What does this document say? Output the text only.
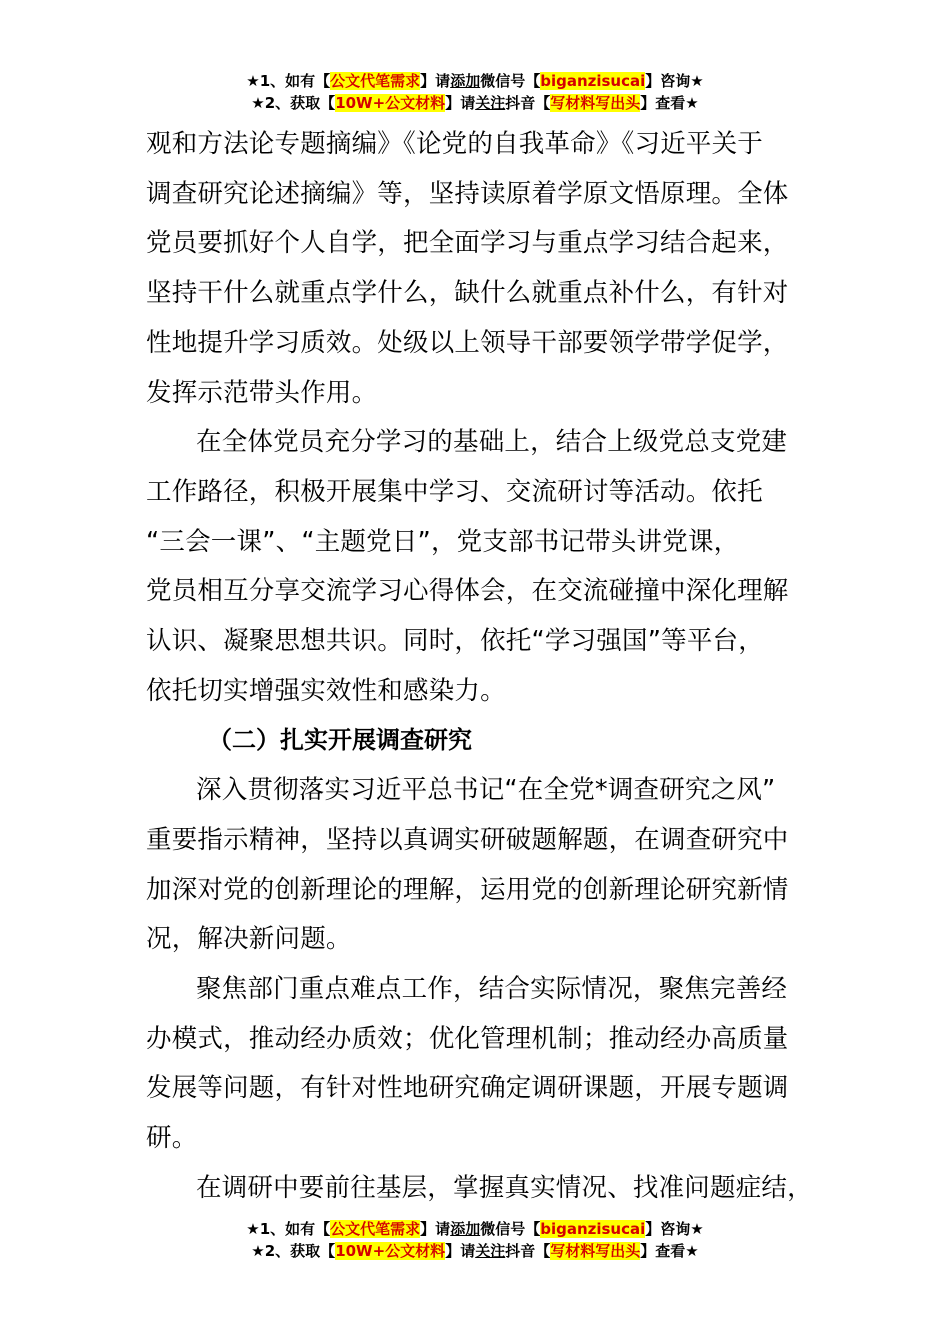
★1、如有【公文代笔需求】请添加微信号【biganzisucai】咨询★
★2、获取【10W+公文材料】请关注抖音【写材料写出头】查看★

观和方法论专题摘编》《论党的自我革命》《习近平关于
调查研究论述摘编》等，坚持读原着学原文悟原理。全体
党员要抓好个人自学，把全面学习与重点学习结合起来，
坚持干什么就重点学什么，缺什么就重点补什么，有针对
性地提升学习质效。处级以上领导干部要领学带学促学，
发挥示范带头作用。

在全体党员充分学习的基础上，结合上级党总支党建
工作路径，积极开展集中学习、交流研讨等活动。依托
“三会一课”、“主题党日”，党支部书记带头讲党课，
党员相互分享交流学习心得体会，在交流碰撞中深化理解
认识、凝聚思想共识。同时，依托“学习强国”等平台，
依托切实增强实效性和感染力。

（二）扎实开展调查研究

深入贯彻落实习近平总书记“在全党*调查研究之风”
重要指示精神，坚持以真调实研破题解题，在调查研究中
加深对党的创新理论的理解，运用党的创新理论研究新情
况，解决新问题。

聚焦部门重点难点工作，结合实际情况，聚焦完善经
办模式，推动经办质效；优化管理机制；推动经办高质量
发展等问题，有针对性地研究确定调研课题，开展专题调
研。

在调研中要前往基层，掌握真实情况、找准问题症结，

★1、如有【公文代笔需求】请添加微信号【biganzisucai】咨询★
★2、获取【10W+公文材料】请关注抖音【写材料写出头】查看★
